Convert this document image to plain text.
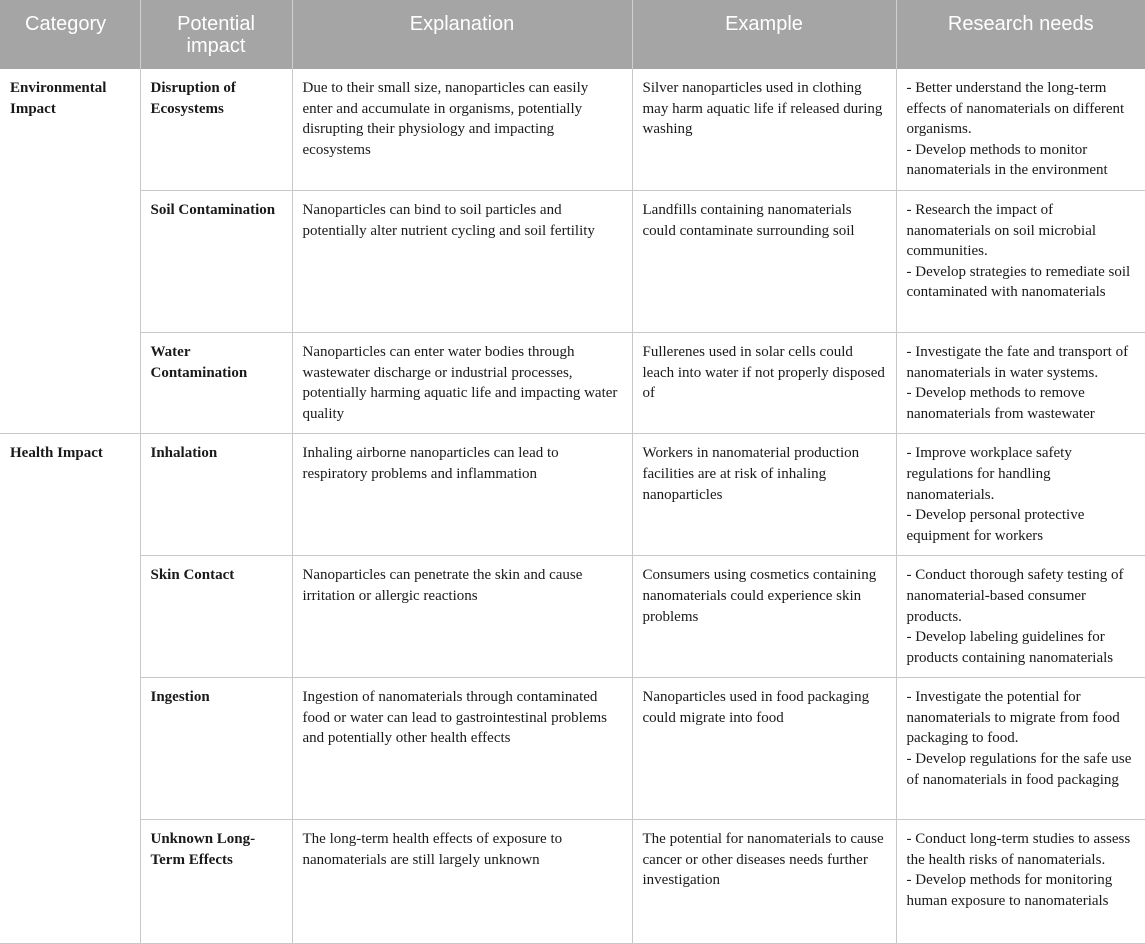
Category	Potential impact	Explanation	Example	Research needs
Environmental Impact	Disruption of Ecosystems	Due to their small size, nanoparticles can easily enter and accumulate in organisms, potentially disrupting their physiology and impacting ecosystems	Silver nanoparticles used in clothing may harm aquatic life if released during washing	- Better understand the long-term effects of nanomaterials on different organisms.
- Develop methods to monitor nanomaterials in the environment

	Soil Contamination	Nanoparticles can bind to soil particles and potentially alter nutrient cycling and soil fertility	Landfills containing nanomaterials could contaminate surrounding soil	- Research the impact of nanomaterials on soil microbial communities.
- Develop strategies to remediate soil contaminated with nanomaterials

	Water Contamination	Nanoparticles can enter water bodies through wastewater discharge or industrial processes, potentially harming aquatic life and impacting water quality	Fullerenes used in solar cells could leach into water if not properly disposed of	- Investigate the fate and transport of nanomaterials in water systems.
- Develop methods to remove nanomaterials from wastewater

Health Impact	Inhalation	Inhaling airborne nanoparticles can lead to respiratory problems and inflammation	Workers in nanomaterial production facilities are at risk of inhaling nanoparticles	- Improve workplace safety regulations for handling nanomaterials.
- Develop personal protective equipment for workers

	Skin Contact	Nanoparticles can penetrate the skin and cause irritation or allergic reactions	Consumers using cosmetics containing nanomaterials could experience skin problems	- Conduct thorough safety testing of nanomaterial-based consumer products.
- Develop labeling guidelines for products containing nanomaterials

	Ingestion	Ingestion of nanomaterials through contaminated food or water can lead to gastrointestinal problems and potentially other health effects	Nanoparticles used in food packaging could migrate into food	- Investigate the potential for nanomaterials to migrate from food packaging to food.
- Develop regulations for the safe use of nanomaterials in food packaging

	Unknown Long-Term Effects	The long-term health effects of exposure to nanomaterials are still largely unknown	The potential for nanomaterials to cause cancer or other diseases needs further investigation	- Conduct long-term studies to assess the health risks of nanomaterials.
- Develop methods for monitoring human exposure to nanomaterials
